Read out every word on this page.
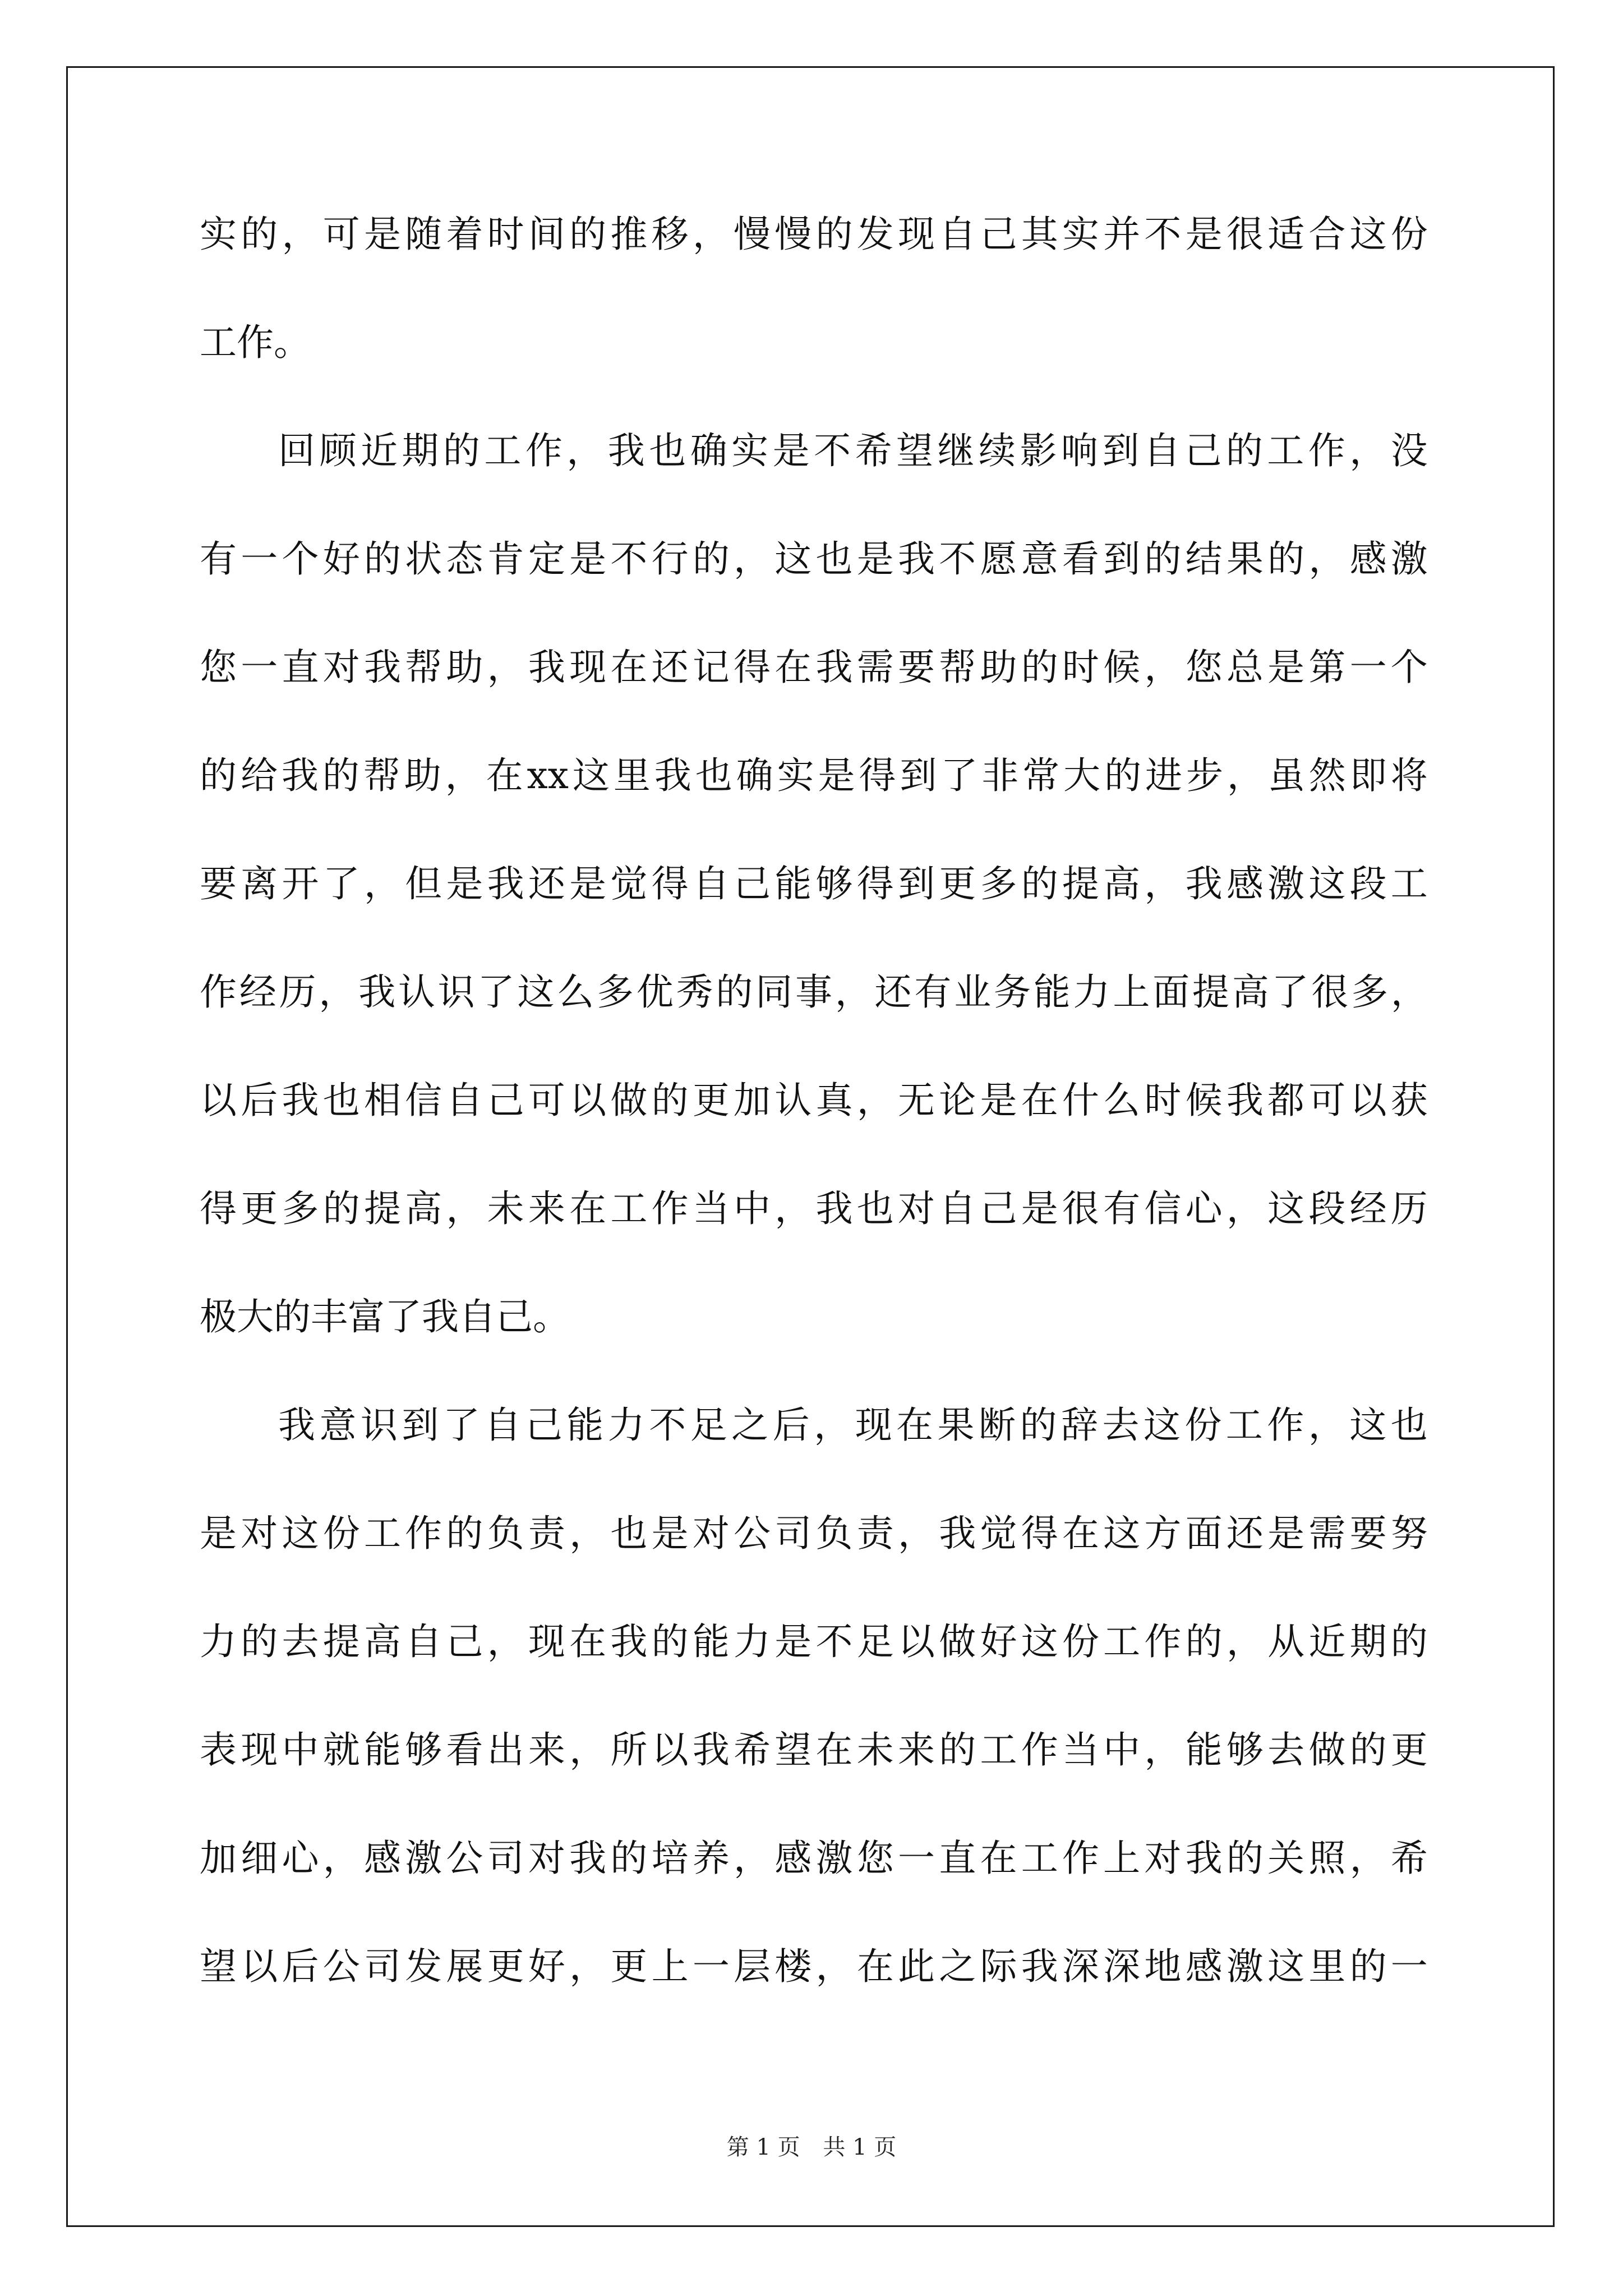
实 的 ， 可 是 随 着 时 间 的 推 移 ， 慢 慢 的 发 现 自 己 其 实 并 不 是 很 适 合 这 份
工作。
回 顾 近 期 的 工 作 ， 我 也 确 实 是 不 希 望 继 续 影 响 到 自 己 的 工 作 ， 没
有 一 个 好 的 状 态 肯 定 是 不 行 的 ， 这 也 是 我 不 愿 意 看 到 的 结 果 的 ， 感 激
您 一 直 对 我 帮 助 ， 我 现 在 还 记 得 在 我 需 要 帮 助 的 时 候 ， 您 总 是 第 一 个
的 给 我 的 帮 助 ， 在 xx 这 里 我 也 确 实 是 得 到 了 非 常 大 的 进 步 ， 虽 然 即 将
要 离 开 了 ， 但 是 我 还 是 觉 得 自 己 能 够 得 到 更 多 的 提 高 ， 我 感 激 这 段 工
作 经 历 ， 我 认 识 了 这 么 多 优 秀 的 同 事 ， 还 有 业 务 能 力 上 面 提 高 了 很 多 ，
以 后 我 也 相 信 自 己 可 以 做 的 更 加 认 真 ， 无 论 是 在 什 么 时 候 我 都 可 以 获
得 更 多 的 提 高 ， 未 来 在 工 作 当 中 ， 我 也 对 自 己 是 很 有 信 心 ， 这 段 经 历
极大的丰富了我自己。
我 意 识 到 了 自 己 能 力 不 足 之 后 ， 现 在 果 断 的 辞 去 这 份 工 作 ， 这 也
是 对 这 份 工 作 的 负 责 ， 也 是 对 公 司 负 责 ， 我 觉 得 在 这 方 面 还 是 需 要 努
力 的 去 提 高 自 己 ， 现 在 我 的 能 力 是 不 足 以 做 好 这 份 工 作 的 ， 从 近 期 的
表 现 中 就 能 够 看 出 来 ， 所 以 我 希 望 在 未 来 的 工 作 当 中 ， 能 够 去 做 的 更
加 细 心 ， 感 激 公 司 对 我 的 培 养 ， 感 激 您 一 直 在 工 作 上 对 我 的 关 照 ， 希
望 以 后 公 司 发 展 更 好 ， 更 上 一 层 楼 ， 在 此 之 际 我 深 深 地 感 激 这 里 的 一
第 1 页 共 1 页
